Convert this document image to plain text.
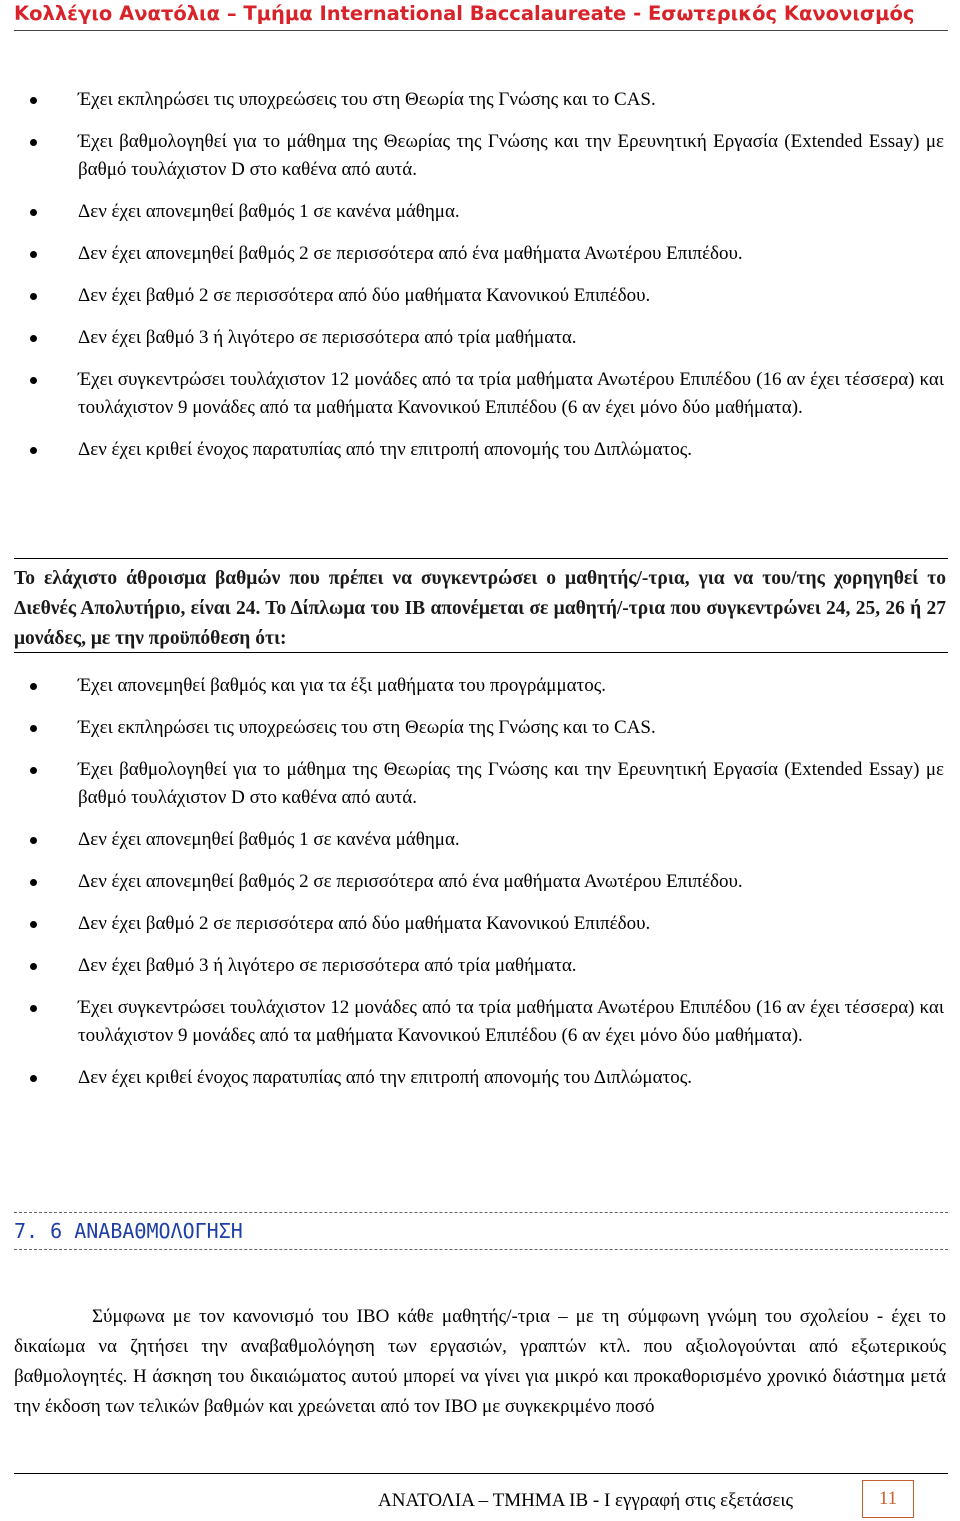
Κολλέγιο Ανατόλια – Τμήμα International Baccalaureate - Εσωτερικός Κανονισμός
Έχει εκπληρώσει τις υποχρεώσεις του στη Θεωρία της Γνώσης και το CAS.
Έχει βαθμολογηθεί για το μάθημα της Θεωρίας της Γνώσης και την Ερευνητική Εργασία (Extended Essay) με βαθμό τουλάχιστον D στο καθένα από αυτά.
Δεν έχει απονεμηθεί βαθμός 1 σε κανένα μάθημα.
Δεν έχει απονεμηθεί βαθμός 2 σε περισσότερα από ένα μαθήματα Ανωτέρου Επιπέδου.
Δεν έχει βαθμό 2 σε περισσότερα από δύο μαθήματα Κανονικού Επιπέδου.
Δεν έχει βαθμό 3 ή λιγότερο σε περισσότερα από τρία μαθήματα.
Έχει συγκεντρώσει τουλάχιστον 12 μονάδες από τα τρία μαθήματα Ανωτέρου Επιπέδου (16 αν έχει τέσσερα) και τουλάχιστον 9 μονάδες από τα μαθήματα Κανονικού Επιπέδου (6 αν έχει μόνο δύο μαθήματα).
Δεν έχει κριθεί ένοχος παρατυπίας από την επιτροπή απονομής του Διπλώματος.
Το ελάχιστο άθροισμα βαθμών που πρέπει να συγκεντρώσει ο μαθητής/-τρια, για να του/της χορηγηθεί το Διεθνές Απολυτήριο, είναι 24. Το Δίπλωμα του IB απονέμεται σε μαθητή/-τρια που συγκεντρώνει 24, 25, 26 ή 27 μονάδες, με την προϋπόθεση ότι:
Έχει απονεμηθεί βαθμός και για τα έξι μαθήματα του προγράμματος.
Έχει εκπληρώσει τις υποχρεώσεις του στη Θεωρία της Γνώσης και το CAS.
Έχει βαθμολογηθεί για το μάθημα της Θεωρίας της Γνώσης και την Ερευνητική Εργασία (Extended Essay) με βαθμό τουλάχιστον D στο καθένα από αυτά.
Δεν έχει απονεμηθεί βαθμός 1 σε κανένα μάθημα.
Δεν έχει απονεμηθεί βαθμός 2 σε περισσότερα από ένα μαθήματα Ανωτέρου Επιπέδου.
Δεν έχει βαθμό 2 σε περισσότερα από δύο μαθήματα Κανονικού Επιπέδου.
Δεν έχει βαθμό 3 ή λιγότερο σε περισσότερα από τρία μαθήματα.
Έχει συγκεντρώσει τουλάχιστον 12 μονάδες από τα τρία μαθήματα Ανωτέρου Επιπέδου (16 αν έχει τέσσερα) και τουλάχιστον 9 μονάδες από τα μαθήματα Κανονικού Επιπέδου (6 αν έχει μόνο δύο μαθήματα).
Δεν έχει κριθεί ένοχος παρατυπίας από την επιτροπή απονομής του Διπλώματος.
7. 6 ΑΝΑΒΑΘΜΟΛΟΓΗΣΗ

Σύμφωνα με τον κανονισμό του IBO κάθε μαθητής/-τρια – με τη σύμφωνη γνώμη του σχολείου - έχει το δικαίωμα να ζητήσει την αναβαθμολόγηση των εργασιών, γραπτών κτλ. που αξιολογούνται από εξωτερικούς βαθμολογητές. Η άσκηση του δικαιώματος αυτού μπορεί να γίνει για μικρό και προκαθορισμένο χρονικό διάστημα μετά την έκδοση των τελικών βαθμών και χρεώνεται από τον IBO με συγκεκριμένο ποσό

ΑΝΑΤΟΛΙΑ – ΤΜΗΜΑ IB - Ι εγγραφή στις εξετάσεις	11
